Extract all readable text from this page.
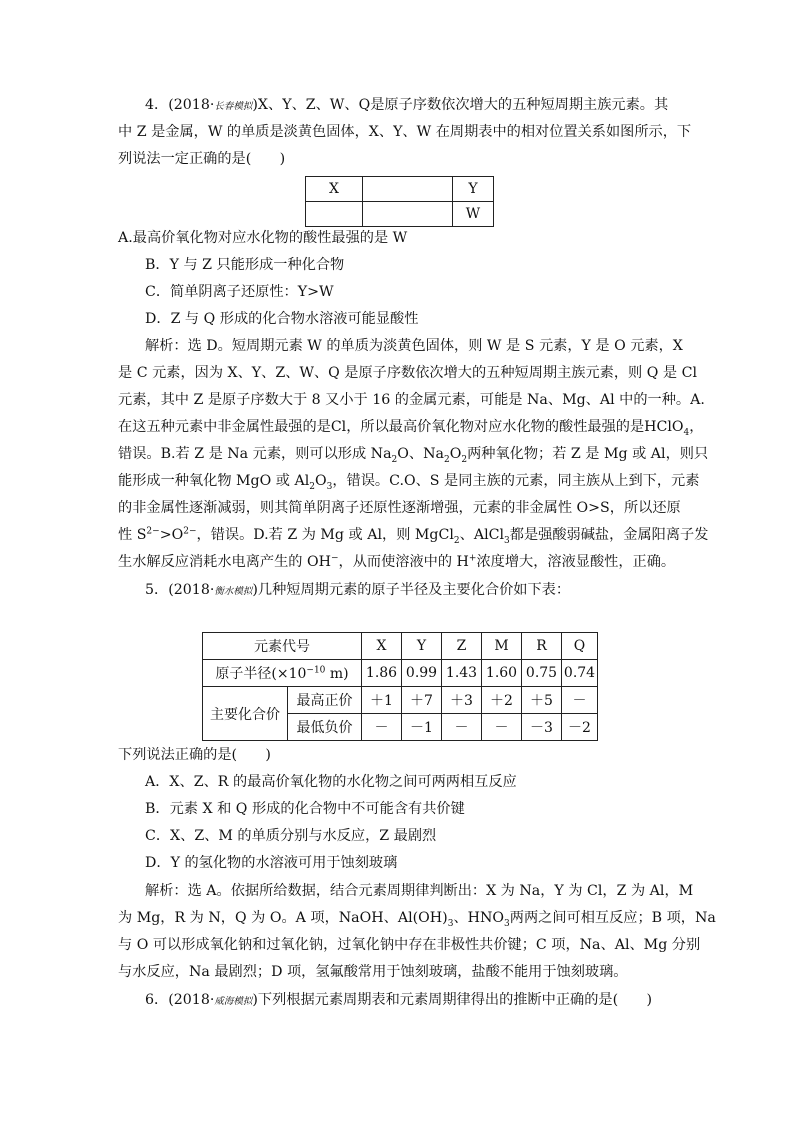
4．(2018·长春模拟)X、Y、Z、W、Q是原子序数依次增大的五种短周期主族元素。其
中 Z 是金属，W 的单质是淡黄色固体，X、Y、W 在周期表中的相对位置关系如图所示，下
列说法一定正确的是(　　)
X		Y
		W
A.最高价氧化物对应水化物的酸性最强的是 W
B．Y 与 Z 只能形成一种化合物
C．简单阴离子还原性：Y>W
D．Z 与 Q 形成的化合物水溶液可能显酸性
解析：选 D。短周期元素 W 的单质为淡黄色固体，则 W 是 S 元素，Y 是 O 元素，X
是 C 元素，因为 X、Y、Z、W、Q 是原子序数依次增大的五种短周期主族元素，则 Q 是 Cl
元素，其中 Z 是原子序数大于 8 又小于 16 的金属元素，可能是 Na、Mg、Al 中的一种。A.
在这五种元素中非金属性最强的是Cl，所以最高价氧化物对应水化物的酸性最强的是HClO$_4$，
错误。B.若 Z 是 Na 元素，则可以形成 $Na_2O$、$Na_2O_2$两种氧化物；若 Z 是 Mg 或 Al，则只
能形成一种氧化物 MgO 或 $Al_2O_3$，错误。C.O、S 是同主族的元素，同主族从上到下，元素
的非金属性逐渐减弱，则其简单阴离子还原性逐渐增强，元素的非金属性 O>S，所以还原
性 $S^{2-}>O^{2-}$，错误。D.若 Z 为 Mg 或 Al，则 MgCl$_2$、AlCl$_3$都是强酸弱碱盐，金属阳离子发
生水解反应消耗水电离产生的 OH−，从而使溶液中的 H+浓度增大，溶液显酸性，正确。
5．(2018·衡水模拟)几种短周期元素的原子半径及主要化合价如下表：
元素代号		X	Y	Z	M	R	Q
原子半径($\times 10^{-10}$ m)		1.86	0.99	1.43	1.60	0.75	0.74
主要化合价	最高正价	＋1	＋7	＋3	＋2	＋5	－
	最低负价	－	－1	－	－	－3	－2
下列说法正确的是(　　)
A．X、Z、R 的最高价氧化物的水化物之间可两两相互反应
B．元素 X 和 Q 形成的化合物中不可能含有共价键
C．X、Z、M 的单质分别与水反应，Z 最剧烈
D．Y 的氢化物的水溶液可用于蚀刻玻璃
解析：选 A。依据所给数据，结合元素周期律判断出：X 为 Na，Y 为 Cl，Z 为 Al，M
为 Mg，R 为 N，Q 为 O。A 项，NaOH、$Al(OH)_3$、$HNO_3$两两之间可相互反应；B 项，Na
与 O 可以形成氧化钠和过氧化钠，过氧化钠中存在非极性共价键；C 项，Na、Al、Mg 分别
与水反应，Na 最剧烈；D 项，氢氟酸常用于蚀刻玻璃，盐酸不能用于蚀刻玻璃。
6．(2018·威海模拟)下列根据元素周期表和元素周期律得出的推断中正确的是(　　)
